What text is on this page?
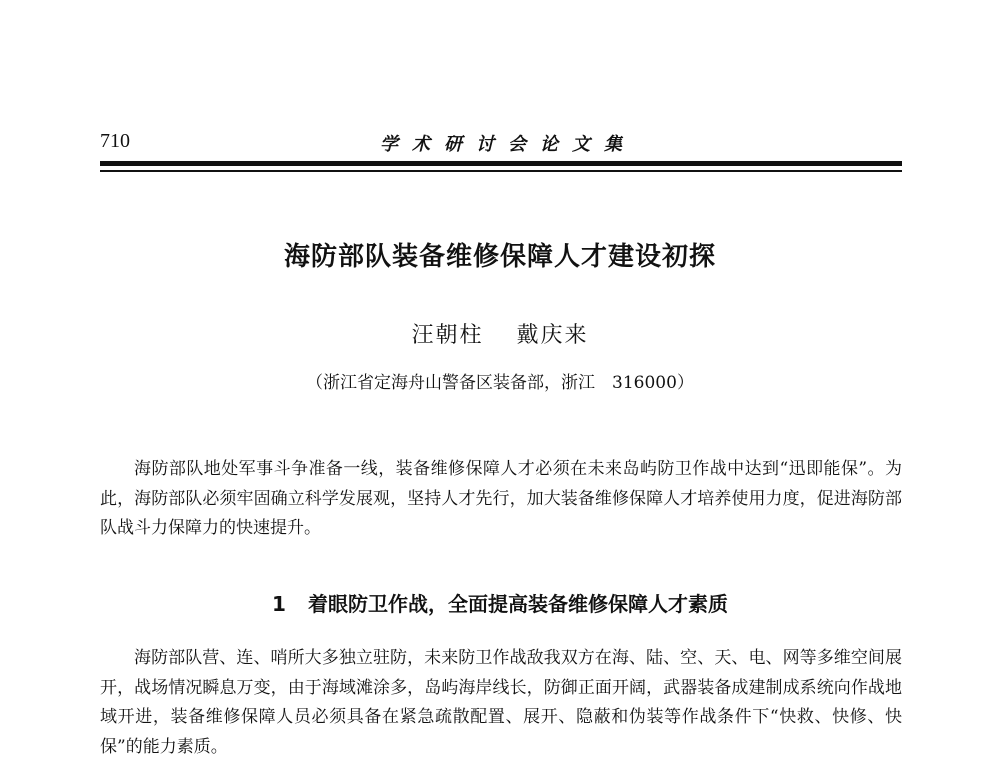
710	学术研讨会论文集
海防部队装备维修保障人才建设初探
汪朝柱 戴庆来
（浙江省定海舟山警备区装备部，浙江　316000）

海防部队地处军事斗争准备一线，装备维修保障人才必须在未来岛屿防卫作战中达到“迅即能保”。为此，海防部队必须牢固确立科学发展观，坚持人才先行，加大装备维修保障人才培养使用力度，促进海防部队战斗力保障力的快速提升。

1 着眼防卫作战，全面提高装备维修保障人才素质

海防部队营、连、哨所大多独立驻防，未来防卫作战敌我双方在海、陆、空、天、电、网等多维空间展开，战场情况瞬息万变，由于海域滩涂多，岛屿海岸线长，防御正面开阔，武器装备成建制成系统向作战地域开进，装备维修保障人员必须具备在紧急疏散配置、展开、隐蔽和伪装等作战条件下“快救、快修、快保”的能力素质。
